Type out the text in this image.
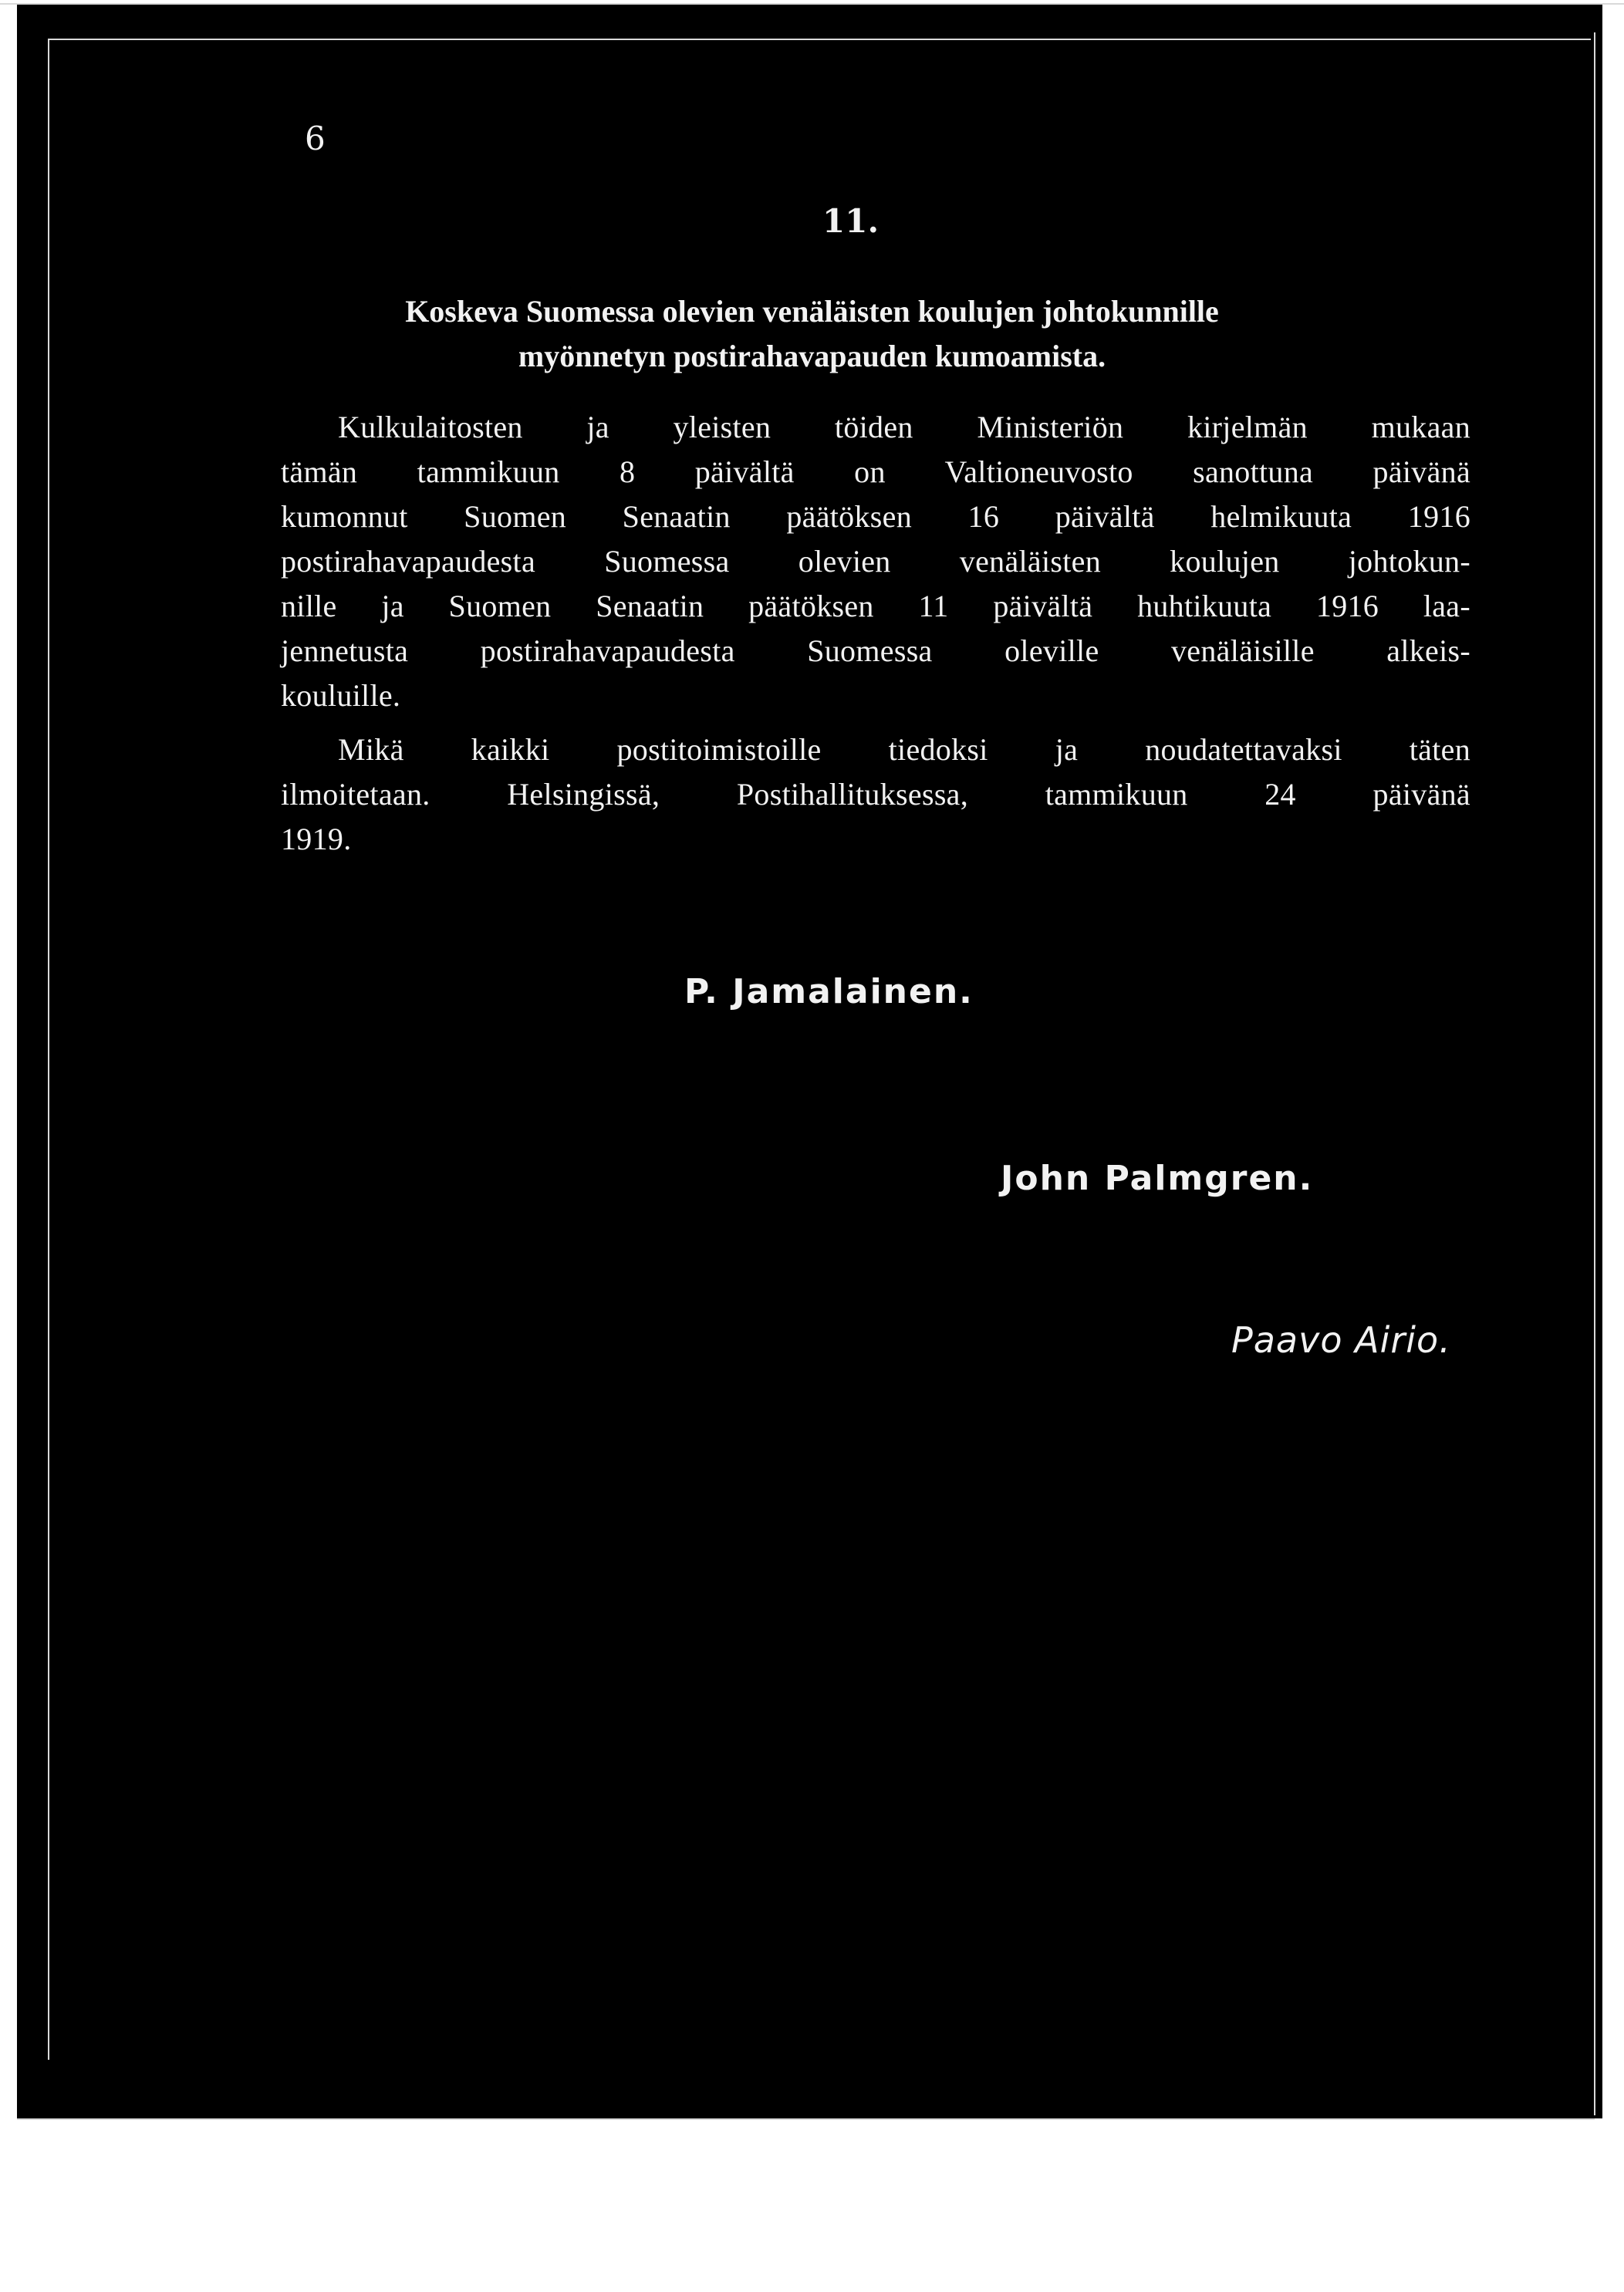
6
11.
Koskeva Suomessa olevien venäläisten koulujen johtokunnille
myönnetyn postirahavapauden kumoamista.
Kulkulaitosten ja yleisten töiden Ministeriön kirjelmän mukaan
tämän tammikuun 8 päivältä on Valtioneuvosto sanottuna päivänä
kumonnut Suomen Senaatin päätöksen 16 päivältä helmikuuta 1916
postirahavapaudesta Suomessa olevien venäläisten koulujen johtokun-
nille ja Suomen Senaatin päätöksen 11 päivältä huhtikuuta 1916 laa-
jennetusta postirahavapaudesta Suomessa oleville venäläisille alkeis-
kouluille.
Mikä kaikki postitoimistoille tiedoksi ja noudatettavaksi täten
ilmoitetaan. Helsingissä, Postihallituksessa, tammikuun 24 päivänä
1919.
P. Jamalainen.
John Palmgren.
Paavo Airio.
